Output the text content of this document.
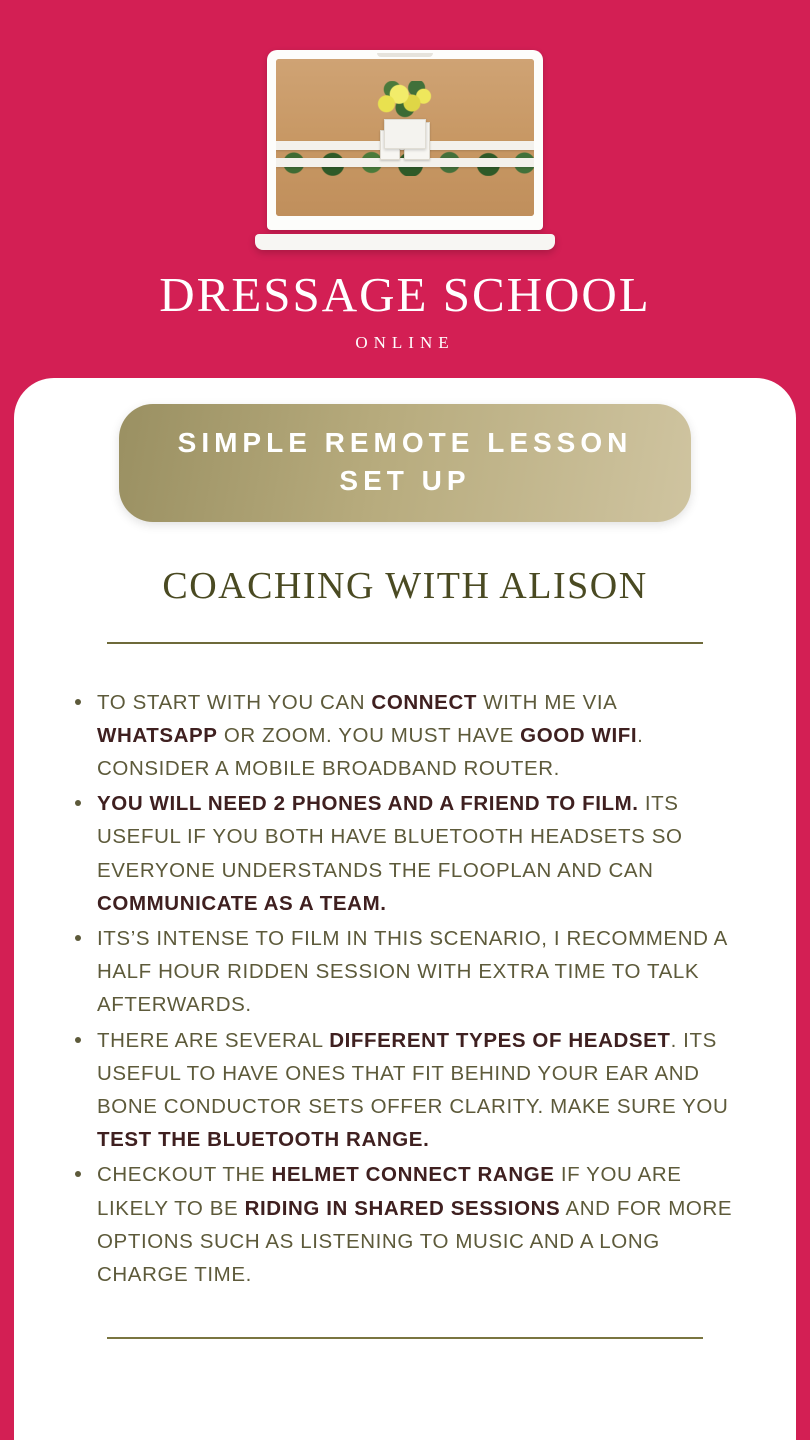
DRESSAGE SCHOOL
ONLINE
SIMPLE REMOTE LESSON SET UP
COACHING WITH ALISON
TO START WITH YOU CAN CONNECT WITH ME VIA WHATSAPP OR ZOOM. YOU MUST HAVE GOOD WIFI. CONSIDER A MOBILE BROADBAND ROUTER.
YOU WILL NEED 2 PHONES AND A FRIEND TO FILM. ITS USEFUL IF YOU BOTH HAVE BLUETOOTH HEADSETS SO EVERYONE UNDERSTANDS THE FLOOPLAN AND CAN COMMUNICATE AS A TEAM.
ITS’S INTENSE TO FILM IN THIS SCENARIO, I RECOMMEND A HALF HOUR RIDDEN SESSION WITH EXTRA TIME TO TALK AFTERWARDS.
THERE ARE SEVERAL DIFFERENT TYPES OF HEADSET. ITS USEFUL TO HAVE ONES THAT FIT BEHIND YOUR EAR AND BONE CONDUCTOR SETS OFFER CLARITY. MAKE SURE YOU TEST THE BLUETOOTH RANGE.
CHECKOUT THE HELMET CONNECT RANGE IF YOU ARE LIKELY TO BE RIDING IN SHARED SESSIONS AND FOR MORE OPTIONS SUCH AS LISTENING TO MUSIC AND A LONG CHARGE TIME.
